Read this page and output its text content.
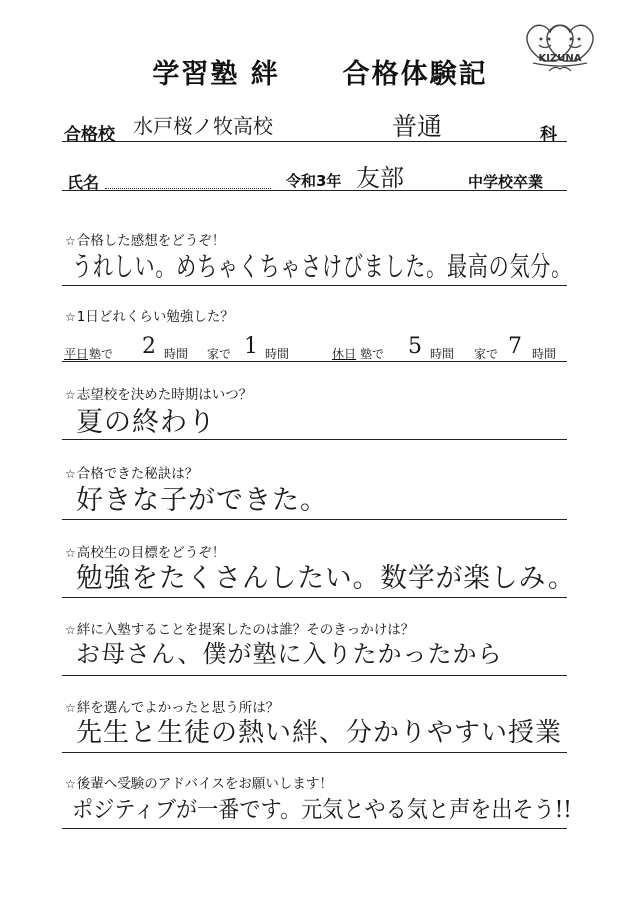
学習塾 絆 合格体験記
KIZUNA
合格校 水戸桜ノ牧高校	普通	科
氏名	令和3年 友部	中学校卒業
☆合格した感想をどうぞ！
うれしい。めちゃくちゃさけびました。最高の気分。
☆1日どれくらい勉強した？
平日 塾で 2 時間 家で 1 時間	休日 塾で 5 時間 家で 7 時間
☆志望校を決めた時期はいつ？
夏の終わり
☆合格できた秘訣は？
好きな子ができた。
☆高校生の目標をどうぞ！
勉強をたくさんしたい。数学が楽しみ。
☆絆に入塾することを提案したのは誰？そのきっかけは？
お母さん、僕が塾に入りたかったから
☆絆を選んでよかったと思う所は？
先生と生徒の熱い絆、分かりやすい授業
☆後輩へ受験のアドバイスをお願いします！
ポジティブが一番です。元気とやる気と声を出そう!!
